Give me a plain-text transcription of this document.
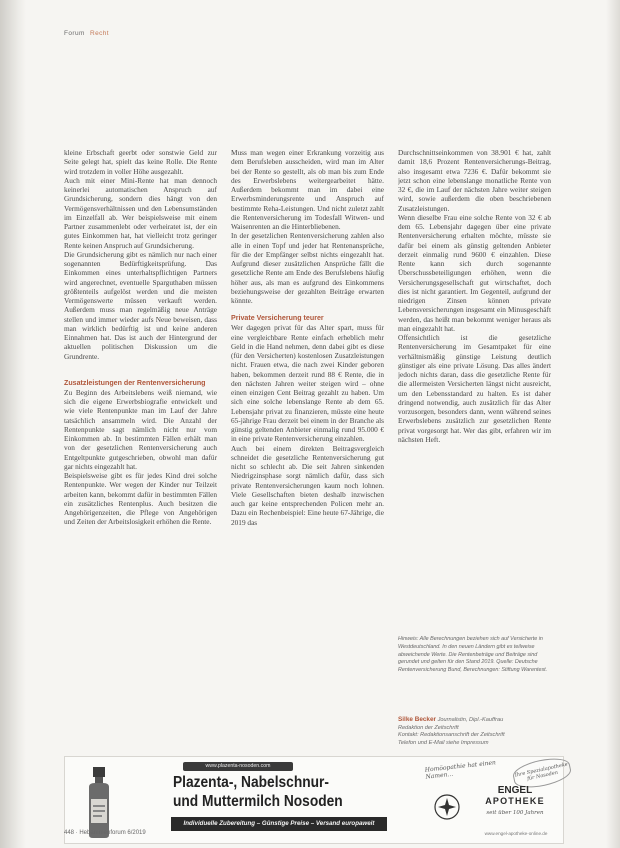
Forum Recht

kleine Erbschaft geerbt oder sonstwie Geld zur Seite gelegt hat, spielt das keine Rolle. Die Rente wird trotzdem in voller Höhe ausgezahlt.

Auch mit einer Mini-Rente hat man dennoch keinerlei automatischen Anspruch auf Grundsicherung, sondern dies hängt von den Vermögensverhältnissen und den Lebensumständen im Einzelfall ab. Wer beispielsweise mit einem Partner zusammenlebt oder verheiratet ist, der ein gutes Einkommen hat, hat vielleicht trotz geringer Rente keinen Anspruch auf Grundsicherung.

Die Grundsicherung gibt es nämlich nur nach einer sogenannten Bedürftigkeitsprüfung. Das Einkommen eines unterhaltspflichtigen Partners wird angerechnet, eventuelle Sparguthaben müssen größtenteils aufgelöst werden und die meisten Vermögenswerte müssen verkauft werden. Außerdem muss man regelmäßig neue Anträge stellen und immer wieder aufs Neue beweisen, dass man wirklich bedürftig ist und keine anderen Einnahmen hat. Das ist auch der Hintergrund der aktuellen politischen Diskussion um die Grundrente.

Zusatzleistungen der Rentenversicherung

Zu Beginn des Arbeitslebens weiß niemand, wie sich die eigene Erwerbsbiografie entwickelt und wie viele Rentenpunkte man im Lauf der Jahre tatsächlich ansammeln wird. Die Anzahl der Rentenpunkte sagt nämlich nicht nur vom Einkommen ab. In bestimmten Fällen erhält man von der gesetzlichen Rentenversicherung auch Entgeltpunkte gutgeschrieben, obwohl man dafür gar nichts eingezahlt hat.

Beispielsweise gibt es für jedes Kind drei solche Rentenpunkte. Wer wegen der Kinder nur Teilzeit arbeiten kann, bekommt dafür in bestimmten Fällen ein zusätzliches Rentenplus. Auch besitzen die Angehörigenzeiten, die Pflege von Angehörigen und Zeiten der Arbeitslosigkeit erhöhen die Rente.

Muss man wegen einer Erkrankung vorzeitig aus dem Berufsleben ausscheiden, wird man im Alter bei der Rente so gestellt, als ob man bis zum Ende des Erwerbslebens weitergearbeitet hätte. Außerdem bekommt man im dabei eine Erwerbsminderungsrente und Anspruch auf bestimmte Reha-Leistungen. Und nicht zuletzt zahlt die Rentenversicherung im Todesfall Witwen- und Waisenrenten an die Hinterbliebenen.

In der gesetzlichen Rentenversicherung zahlen also alle in einen Topf und jeder hat Rentenansprüche, für die der Empfänger selbst nichts eingezahlt hat. Aufgrund dieser zusätzlichen Ansprüche fällt die gesetzliche Rente am Ende des Berufslebens häufig höher aus, als man es aufgrund des Einkommens beziehungsweise der gezahlten Beiträge erwarten könnte.

Private Versicherung teurer

Wer dagegen privat für das Alter spart, muss für eine vergleichbare Rente einfach erheblich mehr Geld in die Hand nehmen, denn dabei gibt es diese (für den Versicherten) kostenlosen Zusatzleistungen nicht. Frauen etwa, die nach zwei Kinder geboren haben, bekommen derzeit rund 88 € Rente, die in den nächsten Jahren weiter steigen wird – ohne einen einzigen Cent Beitrag gezahlt zu haben. Um sich eine solche lebenslange Rente ab dem 65. Lebensjahr privat zu finanzieren, müsste eine heute 65-jährige Frau derzeit bei einem in der Branche als günstig geltenden Anbieter einmalig rund 95.000 € in eine private Rentenversicherung einzahlen.

Auch bei einem direkten Beitragsvergleich schneidet die gesetzliche Rentenversicherung gut nicht so schlecht ab. Die seit Jahren sinkenden Niedrigzinsphase sorgt nämlich dafür, dass sich private Rentenversicherungen kaum noch lohnen. Viele Gesellschaften bieten deshalb inzwischen auch gar keine entsprechenden Policen mehr an. Dazu ein Rechenbeispiel: Eine heute 67-Jährige, die 2019 das

Durchschnittseinkommen von 38.901 € hat, zahlt damit 18,6 Prozent Rentenversicherungs-Beitrag, also insgesamt etwa 7236 €. Dafür bekommt sie jetzt schon eine lebenslange monatliche Rente von 32 €, die im Lauf der nächsten Jahre weiter steigen wird, sowie außerdem die oben beschriebenen Zusatzleistungen.

Wenn dieselbe Frau eine solche Rente von 32 € ab dem 65. Lebensjahr dagegen über eine private Rentenversicherung erhalten möchte, müsste sie dafür bei einem als günstig geltenden Anbieter derzeit einmalig rund 9600 € einzahlen. Diese Rente kann sich durch sogenannte Überschussbeteiligungen erhöhen, wenn die Versicherungsgesellschaft gut wirtschaftet, doch dies ist nicht garantiert. Im Gegenteil, aufgrund der niedrigen Zinsen können private Lebensversicherungen insgesamt ein Minusgeschäft werden, das heißt man bekommt weniger heraus als man eingezahlt hat.

Offensichtlich ist die gesetzliche Rentenversicherung im Gesamtpaket für eine verhältnismäßig günstige Leistung deutlich günstiger als eine private Lösung. Das alles ändert jedoch nichts daran, dass die gesetzliche Rente für die allermeisten Versicherten längst nicht ausreicht, um den Lebensstandard zu halten. Es ist daher dringend notwendig, auch zusätzlich für das Alter vorzusorgen, besonders dann, wenn während seines Erwerbslebens zusätzlich zur gesetzlichen Rente privat vorgesorgt hat. Wer das gibt, erfahren wir im nächsten Heft.

Hinweis: Alle Berechnungen beziehen sich auf Versicherte in Westdeutschland. In den neuen Ländern gibt es teilweise abweichende Werte. Die Rentenbeträge und Beiträge sind gerundet und gelten für den Stand 2019. Quelle: Deutsche Rentenversicherung Bund, Berechnungen: Stiftung Warentest.
Silke Becker Journalistin, Dipl.-Kauffrau
Redaktion der Zeitschrift
Kontakt: Redaktionsanschrift der Zeitschrift
Telefon und E-Mail siehe Impressum
www.plazenta-nosoden.com
Plazenta-, Nabelschnur-
und Muttermilch Nosoden
Individuelle Zubereitung – Günstige Preise – Versand europaweit
Homöopathie hat einen Namen...	Ihre Spezialapotheke für Nosoden
ENGEL
APOTHEKE
seit über 100 Jahren
www.engel-apotheke-online.de
448 · Hebammenforum 6/2019
